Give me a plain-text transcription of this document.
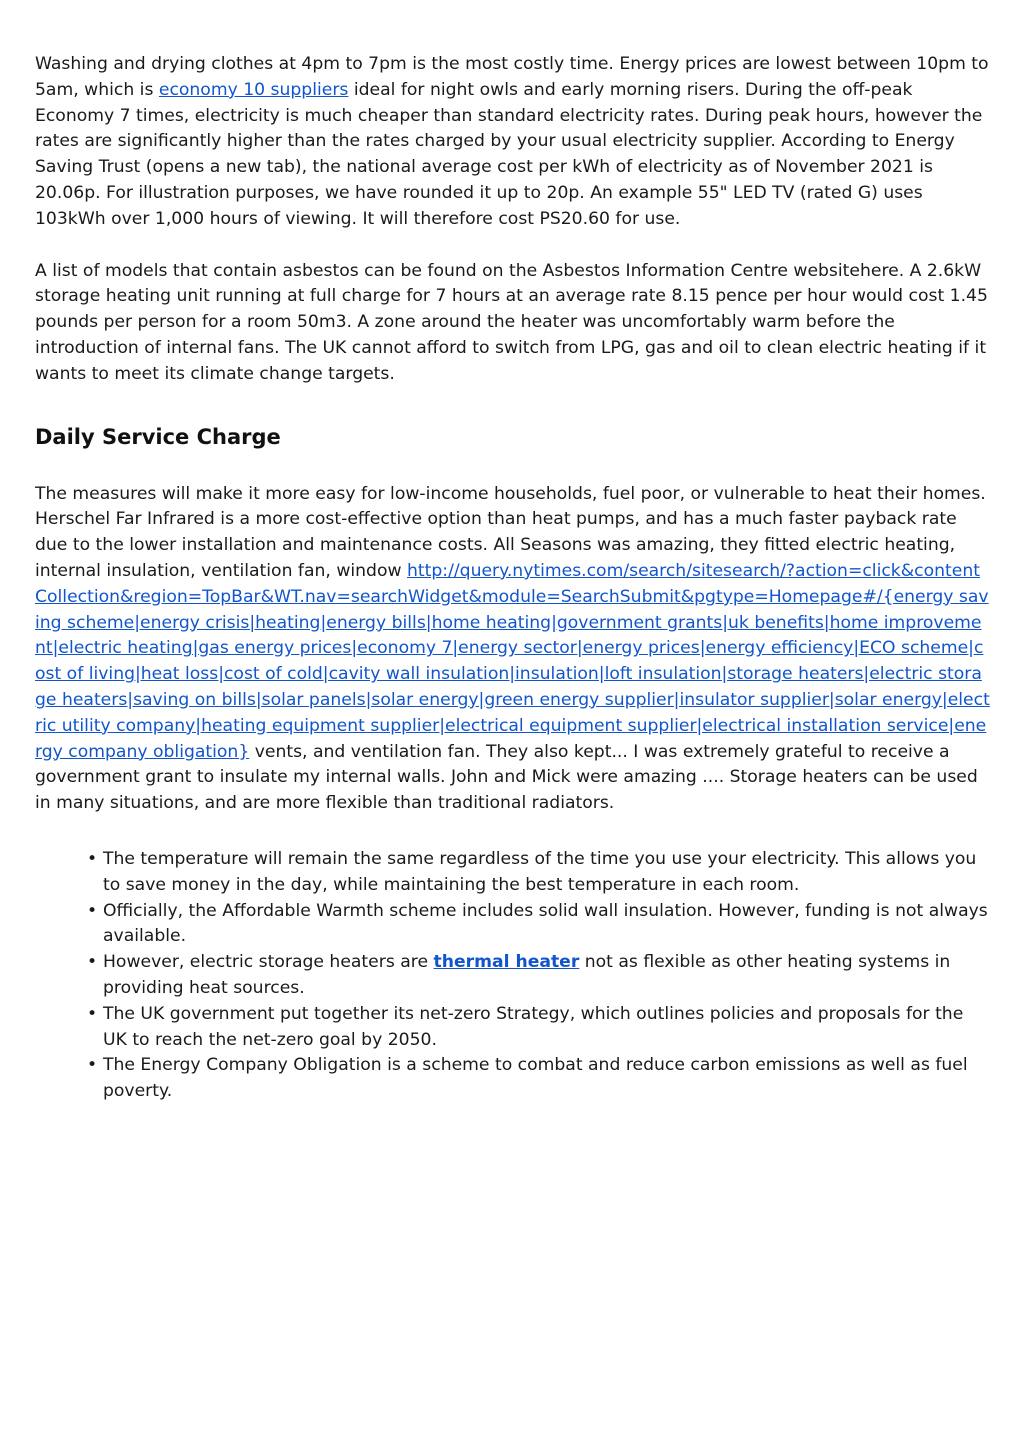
Washing and drying clothes at 4pm to 7pm is the most costly time. Energy prices are lowest between 10pm to 5am, which is economy 10 suppliers ideal for night owls and early morning risers. During the off-peak Economy 7 times, electricity is much cheaper than standard electricity rates. During peak hours, however the rates are significantly higher than the rates charged by your usual electricity supplier. According to Energy Saving Trust (opens a new tab), the national average cost per kWh of electricity as of November 2021 is 20.06p. For illustration purposes, we have rounded it up to 20p. An example 55" LED TV (rated G) uses 103kWh over 1,000 hours of viewing. It will therefore cost PS20.60 for use.

A list of models that contain asbestos can be found on the Asbestos Information Centre websitehere. A 2.6kW storage heating unit running at full charge for 7 hours at an average rate 8.15 pence per hour would cost 1.45 pounds per person for a room 50m3. A zone around the heater was uncomfortably warm before the introduction of internal fans. The UK cannot afford to switch from LPG, gas and oil to clean electric heating if it wants to meet its climate change targets.

Daily Service Charge

The measures will make it more easy for low-income households, fuel poor, or vulnerable to heat their homes. Herschel Far Infrared is a more cost-effective option than heat pumps, and has a much faster payback rate due to the lower installation and maintenance costs. All Seasons was amazing, they fitted electric heating, internal insulation, ventilation fan, window http://query.nytimes.com/search/sitesearch/?action=click&contentCollection&region=TopBar&WT.nav=searchWidget&module=SearchSubmit&pgtype=Homepage#/{energy saving scheme|energy crisis|heating|energy bills|home heating|government grants|uk benefits|home improvement|electric heating|gas energy prices|economy 7|energy sector|energy prices|energy efficiency|ECO scheme|cost of living|heat loss|cost of cold|cavity wall insulation|insulation|loft insulation|storage heaters|electric storage heaters|saving on bills|solar panels|solar energy|green energy supplier|insulator supplier|solar energy|electric utility company|heating equipment supplier|electrical equipment supplier|electrical installation service|energy company obligation} vents, and ventilation fan. They also kept... I was extremely grateful to receive a government grant to insulate my internal walls. John and Mick were amazing .... Storage heaters can be used in many situations, and are more flexible than traditional radiators.

• The temperature will remain the same regardless of the time you use your electricity. This allows you to save money in the day, while maintaining the best temperature in each room.
• Officially, the Affordable Warmth scheme includes solid wall insulation. However, funding is not always available.
• However, electric storage heaters are thermal heater not as flexible as other heating systems in providing heat sources.
• The UK government put together its net-zero Strategy, which outlines policies and proposals for the UK to reach the net-zero goal by 2050.
• The Energy Company Obligation is a scheme to combat and reduce carbon emissions as well as fuel poverty.
